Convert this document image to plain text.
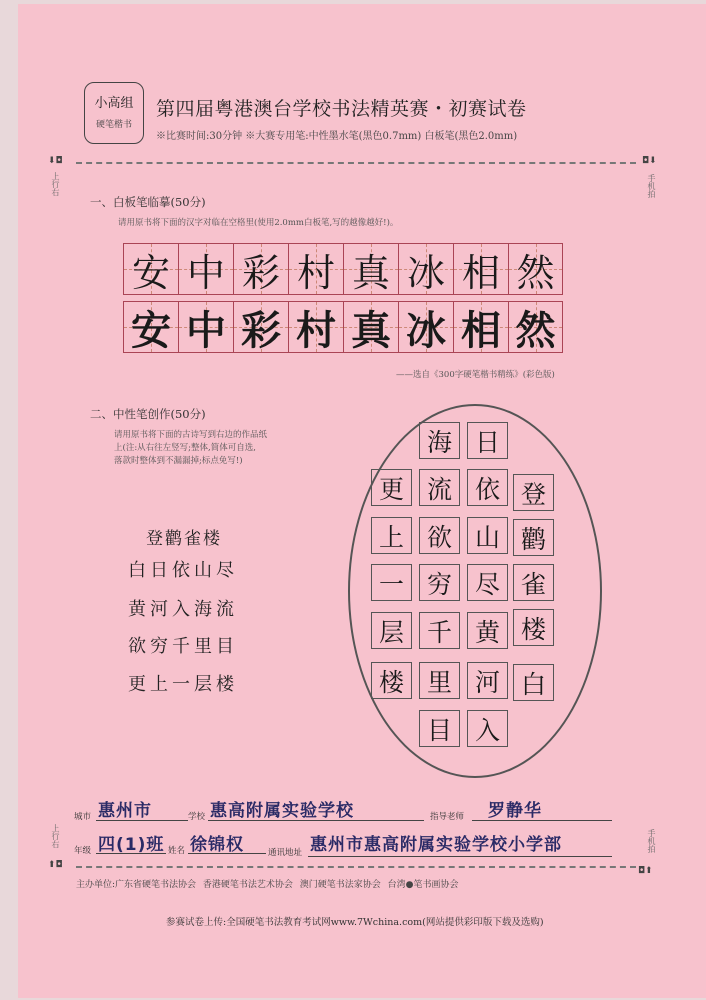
小高组
硬笔楷书
第四届粤港澳台学校书法精英赛・初赛试卷
※比赛时间:30分钟 ※大赛专用笔:中性墨水笔(黑色0.7mm) 白板笔(黑色2.0mm)
⬇◘	◘⬇
上行右	手机拍
一、白板笔临摹(50分)
请用原书将下面的汉字对临在空格里(使用2.0mm白板笔,写的越像越好!)。
安 中 彩 村 真 冰 相 然
安 中 彩 村 真 冰 相 然
——选自《300字硬笔楷书精练》(彩色版)
二、中性笔创作(50分)
请用原书将下面的古诗写到右边的作品纸
上(注:从右往左竖写;整体,简体可自选,
落款时整体到不漏漏掉;标点免写!)
登鹳雀楼
白日依山尽
黄河入海流
欲穷千里目
更上一层楼
登
鹳
雀
楼
白
日
依
山
尽
黄
河
入
海
流
欲
穷
千
里
目
更
上
一
层
楼
城市 惠州市	学校 惠高附属实验学校	指导老师 罗静华
年级 四(1)班 姓名 徐锦权	通讯地址 惠州市惠高附属实验学校小学部
上行右	手机拍
⬆◘
◘⬆
主办单位:广东省硬笔书法协会 香港硬笔书法艺术协会 澳门硬笔书法家协会 台湾●笔书画协会
参赛试卷上传:全国硬笔书法教育考试网www.7Wchina.com(网站提供彩印版下载及选购)
